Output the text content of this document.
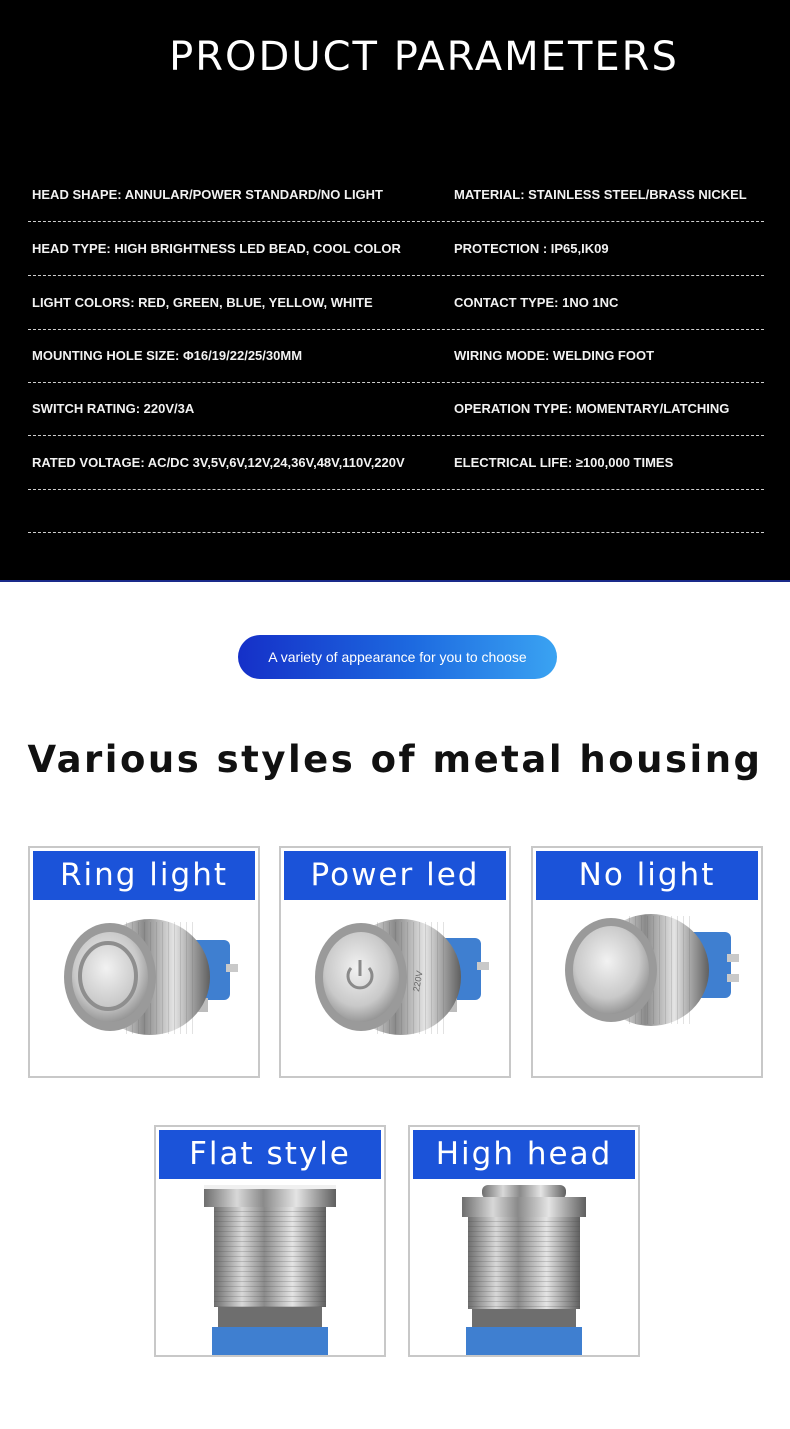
PRODUCT PARAMETERS
HEAD SHAPE: ANNULAR/POWER STANDARD/NO LIGHT	MATERIAL: STAINLESS STEEL/BRASS NICKEL
HEAD TYPE: HIGH BRIGHTNESS LED BEAD, COOL COLOR	PROTECTION : IP65,IK09
LIGHT COLORS: RED, GREEN, BLUE, YELLOW, WHITE	CONTACT TYPE: 1NO 1NC
MOUNTING HOLE SIZE: Φ16/19/22/25/30MM	WIRING MODE: WELDING FOOT
SWITCH RATING: 220V/3A	OPERATION TYPE: MOMENTARY/LATCHING
RATED VOLTAGE: AC/DC 3V,5V,6V,12V,24,36V,48V,110V,220V	ELECTRICAL LIFE: ≥100,000 TIMES
A variety of appearance for you to choose
Various styles of metal housing
Ring light	Power led
220V
No light
Flat style	High head
